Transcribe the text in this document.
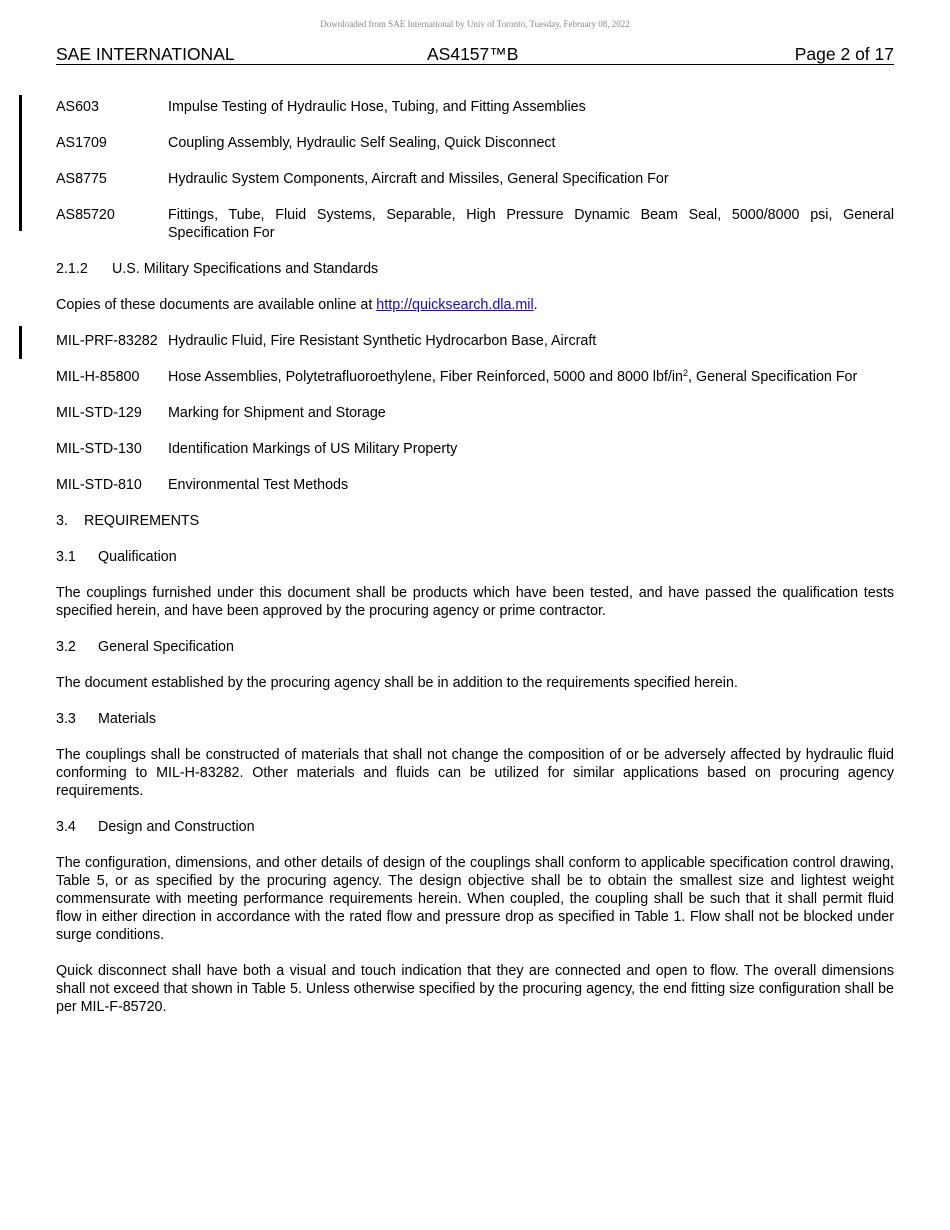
Downloaded from SAE International by Univ of Toronto, Tuesday, February 08, 2022
SAE INTERNATIONAL	AS4157™B	Page 2 of 17
AS603	Impulse Testing of Hydraulic Hose, Tubing, and Fitting Assemblies
AS1709	Coupling Assembly, Hydraulic Self Sealing, Quick Disconnect
AS8775	Hydraulic System Components, Aircraft and Missiles, General Specification For
AS85720	Fittings, Tube, Fluid Systems, Separable, High Pressure Dynamic Beam Seal, 5000/8000 psi, General Specification For
2.1.2 U.S. Military Specifications and Standards

Copies of these documents are available online at http://quicksearch.dla.mil.

MIL-PRF-83282 Hydraulic Fluid, Fire Resistant Synthetic Hydrocarbon Base, Aircraft
MIL-H-85800	Hose Assemblies, Polytetrafluoroethylene, Fiber Reinforced, 5000 and 8000 lbf/$in^2$, General Specification For
MIL-STD-129	Marking for Shipment and Storage
MIL-STD-130	Identification Markings of US Military Property
MIL-STD-810	Environmental Test Methods
3. REQUIREMENTS
3.1 Qualification

The couplings furnished under this document shall be products which have been tested, and have passed the qualification tests specified herein, and have been approved by the procuring agency or prime contractor.

3.2 General Specification

The document established by the procuring agency shall be in addition to the requirements specified herein.

3.3 Materials

The couplings shall be constructed of materials that shall not change the composition of or be adversely affected by hydraulic fluid conforming to MIL-H-83282. Other materials and fluids can be utilized for similar applications based on procuring agency requirements.

3.4 Design and Construction

The configuration, dimensions, and other details of design of the couplings shall conform to applicable specification control drawing, Table 5, or as specified by the procuring agency. The design objective shall be to obtain the smallest size and lightest weight commensurate with meeting performance requirements herein. When coupled, the coupling shall be such that it shall permit fluid flow in either direction in accordance with the rated flow and pressure drop as specified in Table 1. Flow shall not be blocked under surge conditions.

Quick disconnect shall have both a visual and touch indication that they are connected and open to flow. The overall dimensions shall not exceed that shown in Table 5. Unless otherwise specified by the procuring agency, the end fitting size configuration shall be per MIL-F-85720.
